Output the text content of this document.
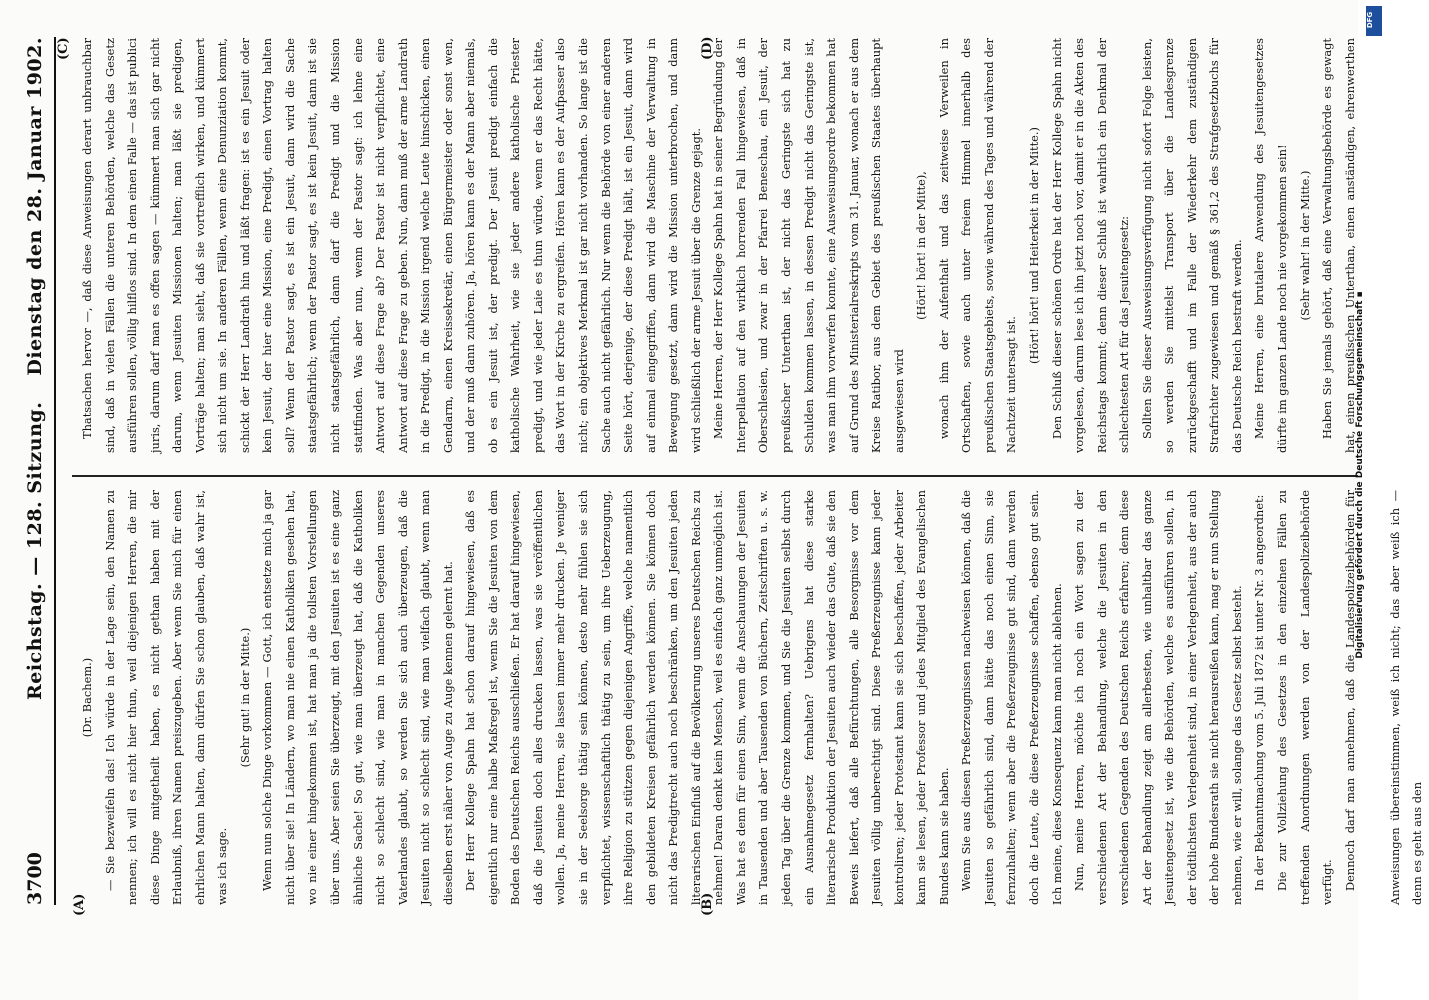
3700
Reichstag. — 128. Sitzung.
Dienstag den 28. Januar 1902.
(A)	(B)
(C)	(D)

(Dr. Bachem.) — Sie bezweifeln das! Ich würde in der Lage sein, den Namen zu nennen; ich will es nicht hier thun, weil diejenigen Herren, die mir diese Dinge mitgetheilt haben, es nicht gethan haben mit der Erlaubniß, ihren Namen preiszugeben. Aber wenn Sie mich für einen ehrlichen Mann halten, dann dürfen Sie schon glauben, daß wahr ist, was ich sage.

(Sehr gut! in der Mitte.) Wenn nun solche Dinge vorkommen — Gott, ich entsetze mich ja gar nicht über sie! In Ländern, wo man nie einen Katholiken gesehen hat, wo nie einer hingekommen ist, hat man ja die tollsten Vorstellungen über uns. Aber seien Sie überzeugt, mit den Jesuiten ist es eine ganz ähnliche Sache! So gut, wie man überzeugt hat, daß die Katholiken nicht so schlecht sind, wie man in manchen Gegenden unseres Vaterlandes glaubt, so werden Sie sich auch überzeugen, daß die Jesuiten nicht so schlecht sind, wie man vielfach glaubt, wenn man dieselben erst näher von Auge zu Auge kennen gelernt hat. Der Herr Kollege Spahn hat schon darauf hingewiesen, daß es eigentlich nur eine halbe Maßregel ist, wenn Sie die Jesuiten von dem Boden des Deutschen Reichs ausschließen. Er hat darauf hingewiesen, daß die Jesuiten doch alles drucken lassen, was sie veröffentlichen wollen. Ja, meine Herren, sie lassen immer mehr drucken. Je weniger sie in der Seelsorge thätig sein können, desto mehr fühlen sie sich verpflichtet, wissenschaftlich thätig zu sein, um ihre Ueberzeugung, ihre Religion zu stützen gegen diejenigen Angriffe, welche namentlich den gebildeten Kreisen gefährlich werden können. Sie können doch nicht das Predigtrecht auch noch beschränken, um den Jesuiten jeden literarischen Einfluß auf die Bevölkerung unseres Deutschen Reichs zu nehmen! Daran denkt kein Mensch, weil es einfach ganz unmöglich ist. Was hat es denn für einen Sinn, wenn die Anschauungen der Jesuiten in Tausenden und aber Tausenden von Büchern, Zeitschriften u. s. w. jeden Tag über die Grenze kommen, und Sie die Jesuiten selbst durch ein Ausnahmegesetz fernhalten? Uebrigens hat diese starke literarische Produktion der Jesuiten auch wieder das Gute, daß sie den Beweis liefert, daß alle Befürchtungen, alle Besorgnisse vor dem Jesuiten völlig unberechtigt sind. Diese Preßerzeugnisse kann jeder kontroliren; jeder Protestant kann sie sich beschaffen, jeder Arbeiter kann sie lesen, jeder Professor und jedes Mitglied des Evangelischen Bundes kann sie haben. Wenn Sie aus diesen Preßerzeugnissen nachweisen können, daß die Jesuiten so gefährlich sind, dann hätte das noch einen Sinn, sie fernzuhalten; wenn aber die Preßerzeugnisse gut sind, dann werden doch die Leute, die diese Preßerzeugnisse schaffen, ebenso gut sein. Ich meine, diese Konsequenz kann man nicht ablehnen. Nun, meine Herren, möchte ich noch ein Wort sagen zu der verschiedenen Art der Behandlung, welche die Jesuiten in den verschiedenen Gegenden des Deutschen Reichs erfahren; denn diese Art der Behandlung zeigt am allerbesten, wie unhaltbar das ganze Jesuitengesetz ist, wie die Behörden, welche es ausführen sollen, in der tödtlichsten Verlegenheit sind, in einer Verlegenheit, aus der auch der hohe Bundesrath sie nicht herausreißen kann, mag er nun Stellung nehmen, wie er will, solange das Gesetz selbst besteht. In der Bekanntmachung vom 5. Juli 1872 ist unter Nr. 3 angeordnet: Die zur Vollziehung des Gesetzes in den einzelnen Fällen zu treffenden Anordnungen werden von der Landespolizeibehörde verfügt. Dennoch darf man annehmen, daß die Landespolizeibehörden für Anweisungen übereinstimmen, weiß ich nicht; das aber weiß ich — denn es geht aus den

Thatsachen hervor —, daß diese Anweisungen derart unbrauchbar sind, daß in vielen Fällen die unteren Behörden, welche das Gesetz ausführen sollen, völlig hilflos sind. In dem einen Falle — das ist publici juris, darum darf man es offen sagen — kümmert man sich gar nicht darum, wenn Jesuiten Missionen halten; man läßt sie predigen, Vorträge halten; man sieht, daß sie vortrefflich wirken, und kümmert sich nicht um sie. In anderen Fällen, wenn eine Denunziation kommt, schickt der Herr Landrath hin und läßt fragen: ist es ein Jesuit oder kein Jesuit, der hier eine Mission, eine Predigt, einen Vortrag halten soll? Wenn der Pastor sagt, es ist ein Jesuit, dann wird die Sache staatsgefährlich; wenn der Pastor sagt, es ist kein Jesuit, dann ist sie nicht staatsgefährlich, dann darf die Predigt und die Mission stattfinden. Was aber nun, wenn der Pastor sagt: ich lehne eine Antwort auf diese Frage ab? Der Pastor ist nicht verpflichtet, eine Antwort auf diese Frage zu geben. Nun, dann muß der arme Landrath in die Predigt, in die Mission irgend welche Leute hinschicken, einen Gendarm, einen Kreissekretär, einen Bürgermeister oder sonst wen, und der muß dann zuhören. Ja, hören kann es der Mann aber niemals, ob es ein Jesuit ist, der predigt. Der Jesuit predigt einfach die katholische Wahrheit, wie sie jeder andere katholische Priester predigt, und wie jeder Laie es thun würde, wenn er das Recht hätte, das Wort in der Kirche zu ergreifen. Hören kann es der Aufpasser also nicht; ein objektives Merkmal ist gar nicht vorhanden. So lange ist die Sache auch nicht gefährlich. Nur wenn die Behörde von einer anderen Seite hört, derjenige, der diese Predigt hält, ist ein Jesuit, dann wird auf einmal eingegriffen, dann wird die Maschine der Verwaltung in Bewegung gesetzt, dann wird die Mission unterbrochen, und dann wird schließlich der arme Jesuit über die Grenze gejagt. Meine Herren, der Herr Kollege Spahn hat in seiner Begründung der Interpellation auf den wirklich horrenden Fall hingewiesen, daß in Oberschlesien, und zwar in der Pfarrei Beneschau, ein Jesuit, der preußischer Unterthan ist, der nicht das Geringste sich hat zu Schulden kommen lassen, in dessen Predigt nicht das Geringste ist, was man ihm vorwerfen konnte, eine Ausweisungsordre bekommen hat auf Grund des Ministerialreskripts vom 31. Januar, wonach er aus dem Kreise Ratibor, aus dem Gebiet des preußischen Staates überhaupt ausgewiesen wird

(Hört! hört! in der Mitte), wonach ihm der Aufenthalt und das zeitweise Verweilen in Ortschaften, sowie auch unter freiem Himmel innerhalb des preußischen Staatsgebiets, sowie während des Tages und während der Nachtzeit untersagt ist.

(Hört! hört! und Heiterkeit in der Mitte.) Den Schluß dieser schönen Ordre hat der Herr Kollege Spahn nicht vorgelesen, darum lese ich ihn jetzt noch vor, damit er in die Akten des Reichstags kommt; denn dieser Schluß ist wahrlich ein Denkmal der schlechtesten Art für das Jesuitengesetz: Sollten Sie dieser Ausweisungsverfügung nicht sofort Folge leisten, so werden Sie mittelst Transport über die Landesgrenze zurückgeschafft und im Falle der Wiederkehr dem zuständigen Strafrichter zugewiesen und gemäß § 361,2 des Strafgesetzbuchs für das Deutsche Reich bestraft werden. Meine Herren, eine brutalere Anwendung des Jesuitengesetzes dürfte im ganzen Lande noch nie vorgekommen sein! (Sehr wahr! in der Mitte.)

Haben Sie jemals gehört, daß eine Verwaltungsbehörde es gewagt hat, einen preußischen Unterthan, einen anständigen, ehrenwerthen

Digitalisierung gefördert durch die Deutsche Forschungsgemeinschaft ▪
DFG
